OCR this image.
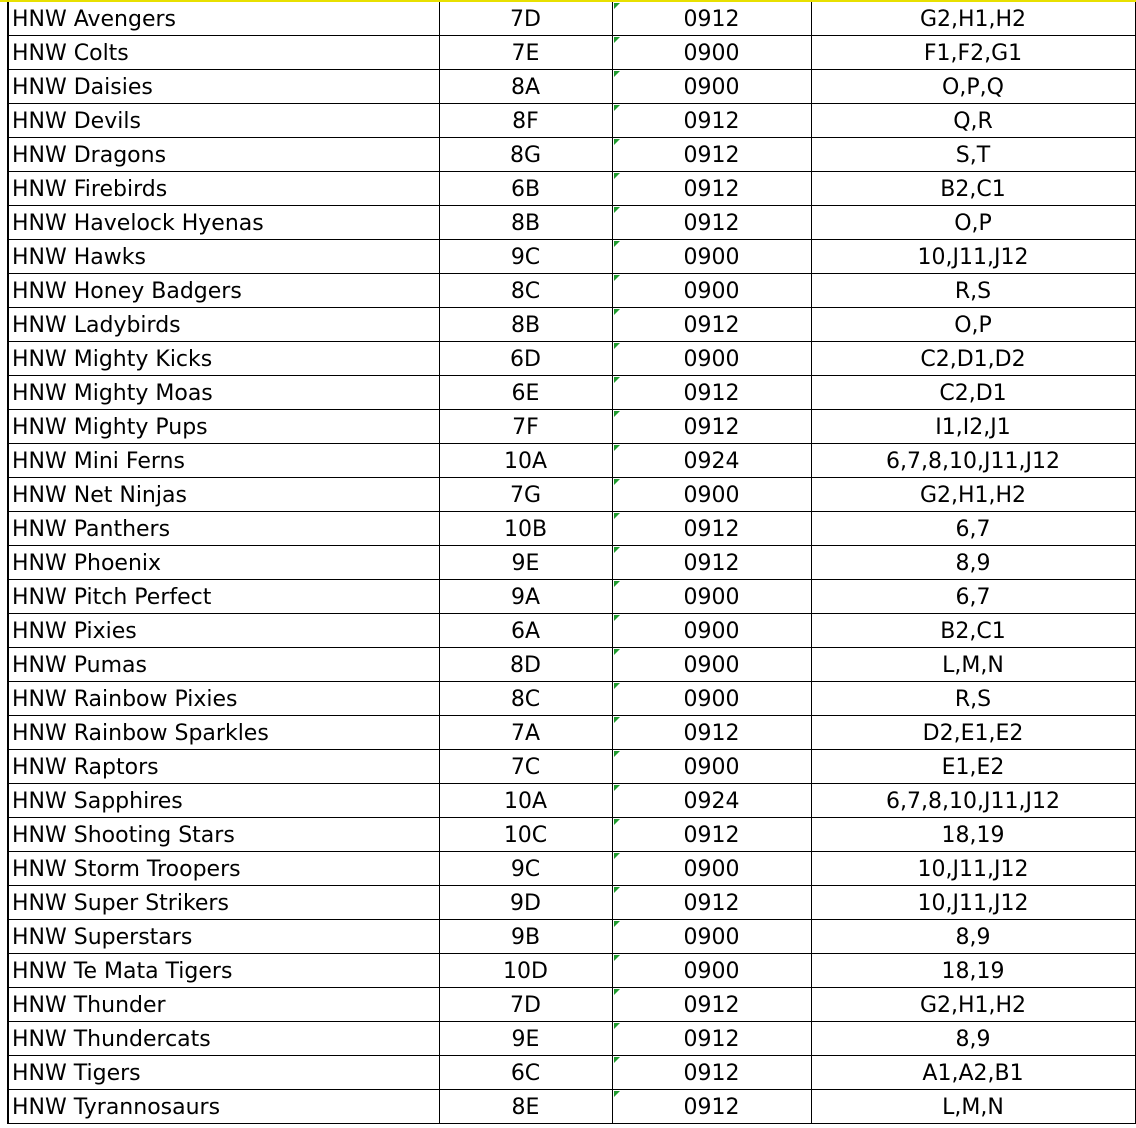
	HNW Avengers	7D	0912	G2,H1,H2
	HNW Colts	7E	0900	F1,F2,G1
	HNW Daisies	8A	0900	O,P,Q
	HNW Devils	8F	0912	Q,R
	HNW Dragons	8G	0912	S,T
	HNW Firebirds	6B	0912	B2,C1
	HNW Havelock Hyenas	8B	0912	O,P
	HNW Hawks	9C	0900	10,J11,J12
	HNW Honey Badgers	8C	0900	R,S
	HNW Ladybirds	8B	0912	O,P
	HNW Mighty Kicks	6D	0900	C2,D1,D2
	HNW Mighty Moas	6E	0912	C2,D1
	HNW Mighty Pups	7F	0912	I1,I2,J1
	HNW Mini Ferns	10A	0924	6,7,8,10,J11,J12
	HNW Net Ninjas	7G	0900	G2,H1,H2
	HNW Panthers	10B	0912	6,7
	HNW Phoenix	9E	0912	8,9
	HNW Pitch Perfect	9A	0900	6,7
	HNW Pixies	6A	0900	B2,C1
	HNW Pumas	8D	0900	L,M,N
	HNW Rainbow Pixies	8C	0900	R,S
	HNW Rainbow Sparkles	7A	0912	D2,E1,E2
	HNW Raptors	7C	0900	E1,E2
	HNW Sapphires	10A	0924	6,7,8,10,J11,J12
	HNW Shooting Stars	10C	0912	18,19
	HNW Storm Troopers	9C	0900	10,J11,J12
	HNW Super Strikers	9D	0912	10,J11,J12
	HNW Superstars	9B	0900	8,9
	HNW Te Mata Tigers	10D	0900	18,19
	HNW Thunder	7D	0912	G2,H1,H2
	HNW Thundercats	9E	0912	8,9
	HNW Tigers	6C	0912	A1,A2,B1
	HNW Tyrannosaurs	8E	0912	L,M,N
